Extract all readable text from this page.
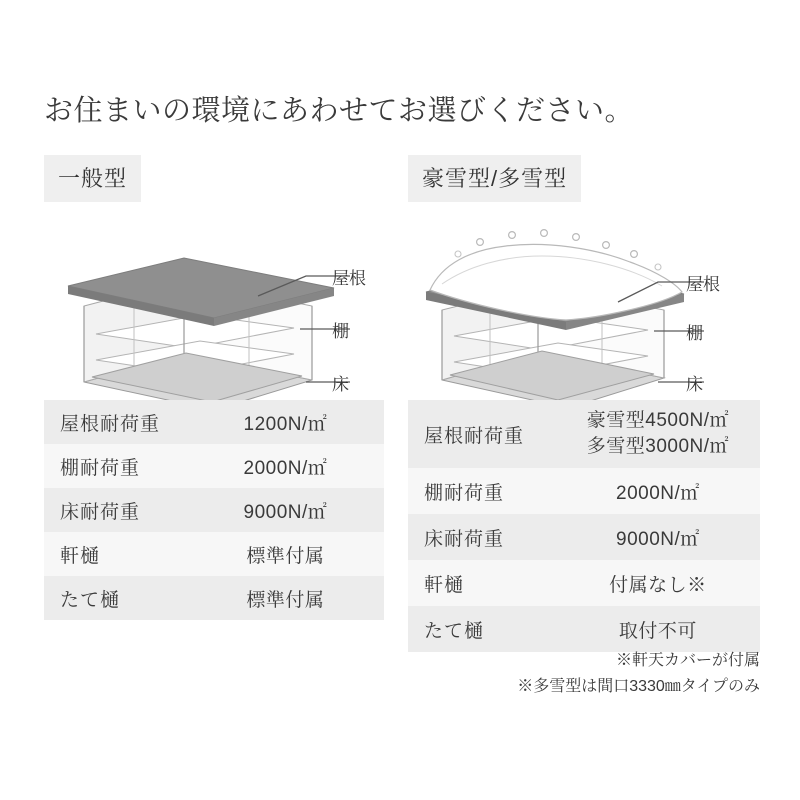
お住まいの環境にあわせてお選びください。
一般型
屋根
棚
床
豪雪型/多雪型
屋根
棚
床
屋根耐荷重	1200N/㎡
棚耐荷重	2000N/㎡
床耐荷重	9000N/㎡
軒樋	標準付属
たて樋	標準付属
屋根耐荷重	豪雪型4500N/㎡
多雪型3000N/㎡

棚耐荷重	2000N/㎡
床耐荷重	9000N/㎡
軒樋	付属なし※
たて樋	取付不可
※軒天カバーが付属
※多雪型は間口3330㎜タイプのみ
